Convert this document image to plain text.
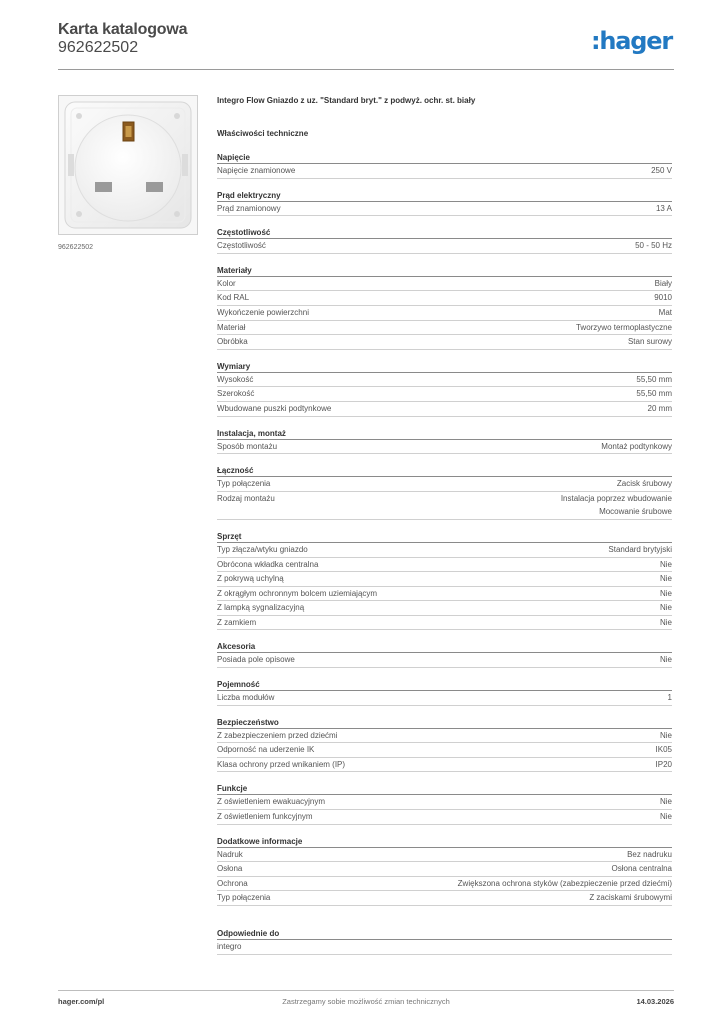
Karta katalogowa
962622502	:hager
962622502
Integro Flow Gniazdo z uz. "Standard bryt." z podwyż. ochr. st. biały
Właściwości techniczne
Napięcie
Napięcie znamionowe	250 V
Prąd elektryczny
Prąd znamionowy	13 A
Częstotliwość
Częstotliwość	50 - 50 Hz
Materiały
Kolor	Biały
Kod RAL	9010
Wykończenie powierzchni	Mat
Materiał	Tworzywo termoplastyczne
Obróbka	Stan surowy
Wymiary
Wysokość	55,50 mm
Szerokość	55,50 mm
Wbudowane puszki podtynkowe	20 mm
Instalacja, montaż
Sposób montażu	Montaż podtynkowy
Łączność
Typ połączenia	Zacisk śrubowy
Rodzaj montażu	Instalacja poprzez wbudowanie
Mocowanie śrubowe
Sprzęt
Typ złącza/wtyku gniazdo	Standard brytyjski
Obrócona wkładka centralna	Nie
Z pokrywą uchylną	Nie
Z okrągłym ochronnym bolcem uziemiającym	Nie
Z lampką sygnalizacyjną	Nie
Z zamkiem	Nie
Akcesoria
Posiada pole opisowe	Nie
Pojemność
Liczba modułów	1
Bezpieczeństwo
Z zabezpieczeniem przed dziećmi	Nie
Odporność na uderzenie IK	IK05
Klasa ochrony przed wnikaniem (IP)	IP20
Funkcje
Z oświetleniem ewakuacyjnym	Nie
Z oświetleniem funkcyjnym	Nie
Dodatkowe informacje
Nadruk	Bez nadruku
Osłona	Osłona centralna
Ochrona	Zwiększona ochrona styków (zabezpieczenie przed dziećmi)
Typ połączenia	Z zaciskami śrubowymi
Odpowiednie do
integro
hager.com/pl	Zastrzegamy sobie możliwość zmian technicznych	14.03.2026
